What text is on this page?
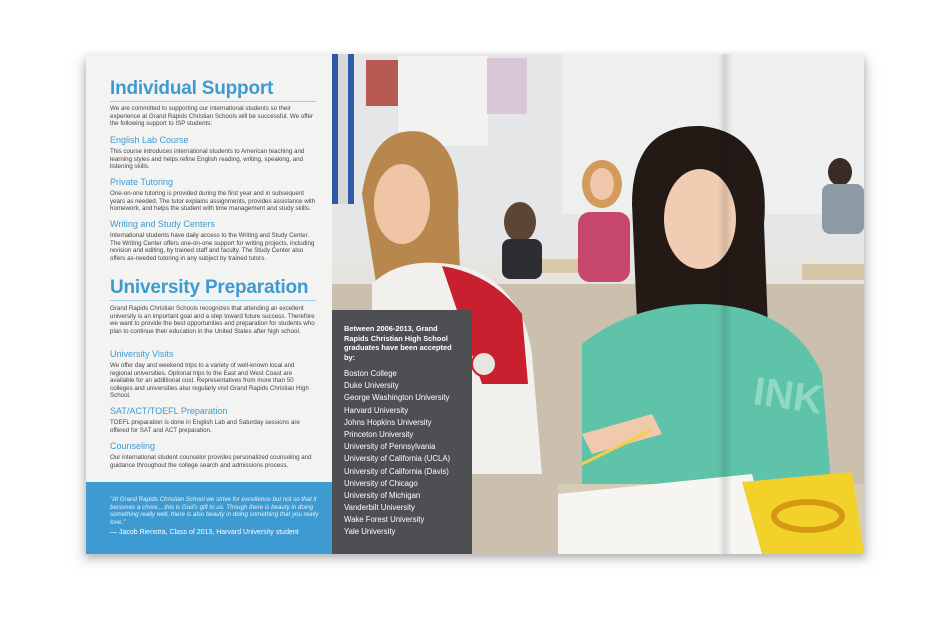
Individual Support
We are committed to supporting our international students so their experience at Grand Rapids Christian Schools will be successful. We offer the following support to ISP students:
English Lab Course
This course introduces international students to American teaching and learning styles and helps refine English reading, writing, speaking, and listening skills.
Private Tutoring
One-on-one tutoring is provided during the first year and in subsequent years as needed. The tutor explains assignments, provides assistance with homework, and helps the student with time management and study skills.
Writing and Study Centers
International students have daily access to the Writing and Study Center. The Writing Center offers one-on-one support for writing projects, including revision and editing, by trained staff and faculty. The Study Center also offers as-needed tutoring in any subject by trained tutors.
University Preparation
Grand Rapids Christian Schools recognizes that attending an excellent university is an important goal and a step toward future success. Therefore we want to provide the best opportunities and preparation for students who plan to continue their education in the United States after high school.
University Visits
We offer day and weekend trips to a variety of well-known local and regional universities. Optional trips to the East and West Coast are available for an additional cost. Representatives from more than 50 colleges and universities also regularly visit Grand Rapids Christian High School.
SAT/ACT/TOEFL Preparation
TOEFL preparation is done in English Lab and Saturday sessions are offered for SAT and ACT preparation.
Counseling
Our international student counselor provides personalized counseling and guidance throughout the college search and admissions process.
"At Grand Rapids Christian School we strive for excellence but not so that it becomes a chore....this is God's gift to us. Though there is beauty in doing something really well, there is also beauty in doing something that you really love."
— Jacob Rienstra, Class of 2013, Harvard University student
INK
Between 2006-2013, Grand Rapids Christian High School graduates have been accepted by:
Boston College
Duke University
George Washington University
Harvard University
Johns Hopkins University
Princeton University
University of Pennsylvania
University of California (UCLA)
University of California (Davis)
University of Chicago
University of Michigan
Vanderbilt University
Wake Forest University
Yale University
